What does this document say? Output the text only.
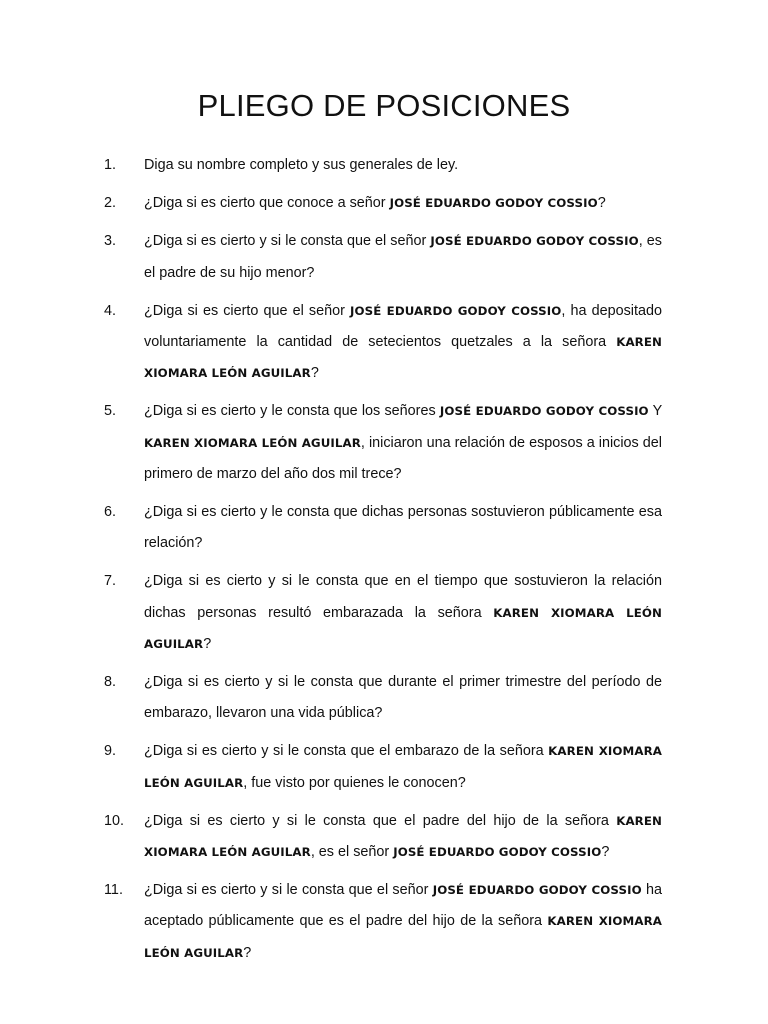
PLIEGO DE POSICIONES
1.	Diga su nombre completo y sus generales de ley.
2.	¿Diga si es cierto que conoce a señor JOSÉ EDUARDO GODOY COSSIO?
3.	¿Diga si es cierto y si le consta que el señor JOSÉ EDUARDO GODOY COSSIO, es el padre de su hijo menor?
4.	¿Diga si es cierto que el señor JOSÉ EDUARDO GODOY COSSIO, ha depositado voluntariamente la cantidad de setecientos quetzales a la señora KAREN XIOMARA LEÓN AGUILAR?
5.	¿Diga si es cierto y le consta que los señores JOSÉ EDUARDO GODOY COSSIO Y KAREN XIOMARA LEÓN AGUILAR, iniciaron una relación de esposos a inicios del primero de marzo del año dos mil trece?
6.	¿Diga si es cierto y le consta que dichas personas sostuvieron públicamente esa relación?
7.	¿Diga si es cierto y si le consta que en el tiempo que sostuvieron la relación dichas personas resultó embarazada la señora KAREN XIOMARA LEÓN AGUILAR?
8.	¿Diga si es cierto y si le consta que durante el primer trimestre del período de embarazo, llevaron una vida pública?
9.	¿Diga si es cierto y si le consta que el embarazo de la señora KAREN XIOMARA LEÓN AGUILAR, fue visto por quienes le conocen?
10.	¿Diga si es cierto y si le consta que el padre del hijo de la señora KAREN XIOMARA LEÓN AGUILAR, es el señor JOSÉ EDUARDO GODOY COSSIO?
11.	¿Diga si es cierto y si le consta que el señor JOSÉ EDUARDO GODOY COSSIO ha aceptado públicamente que es el padre del hijo de la señora KAREN XIOMARA LEÓN AGUILAR?
